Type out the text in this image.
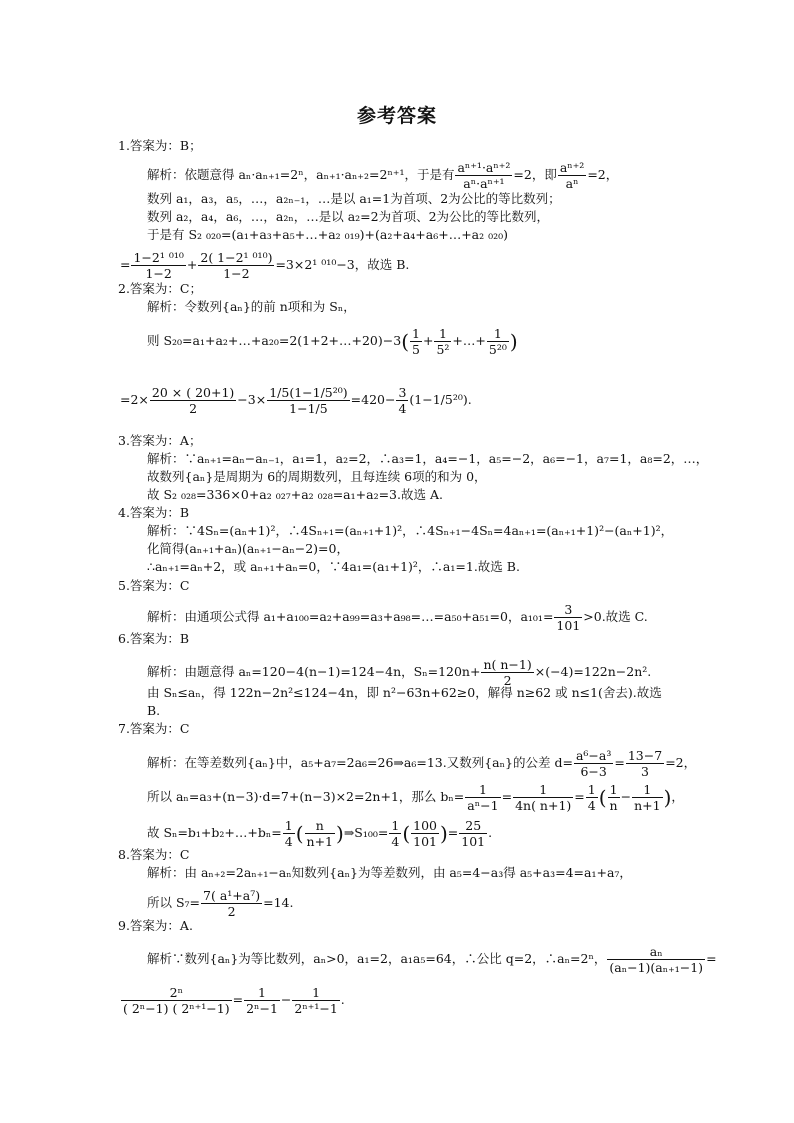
参考答案
1.答案为：B；
解析：依题意得 aₙ·aₙ₊₁=2ⁿ，aₙ₊₁·aₙ₊₂=2ⁿ⁺¹，于是有 $\frac{\text{aⁿ⁺¹·aⁿ⁺²}}{\text{aⁿ·aⁿ⁺¹}} =2$，即 $\frac{\text{aⁿ⁺²}}{\text{aⁿ}} =2$，
数列 a₁，a₃，a₅，…，a₂ₙ₋₁，…是以 a₁=1为首项、2为公比的等比数列；
数列 a₂，a₄，a₆，…，a₂ₙ，…是以 a₂=2为首项、2为公比的等比数列，
于是有 S₂ ₀₂₀=(a₁+a₃+a₅+…+a₂ ₀₁₉)+(a₂+a₄+a₆+…+a₂ ₀₂₀)
= $\frac{\text{1−2¹ ⁰¹⁰}}{1-2} + \frac{\text{2( 1−2¹ ⁰¹⁰)}}{1-2} =3\times 2^1$ ⁰¹⁰−3，故选 B.
2.答案为：C；
解析：令数列{aₙ}的前 n项和为 Sₙ，
则 S₂₀=a₁+a₂+…+a₂₀=2(1+2+…+20)−3( $\frac{1}{5} + \frac{1}{\text{5²}}$ +…+ $\frac{1}{\text{5²⁰}}$ )
$=2\times \frac{20 \times ( 20+1)}{2} -3\times \frac{\text{1/5(1−1/5²⁰)}}{1-1/5} =420- \frac{3}{4} (1-1/5^{20})$.
3.答案为：A；
解析：∵aₙ₊₁=aₙ−aₙ₋₁，a₁=1，a₂=2，∴a₃=1，a₄=−1，a₅=−2，a₆=−1，a₇=1，a₈=2，…，
故数列{aₙ}是周期为 6的周期数列，且每连续 6项的和为 0，
故 S₂ ₀₂₈=336×0+a₂ ₀₂₇+a₂ ₀₂₈=a₁+a₂=3.故选 A.
4.答案为：B
解析：∵4Sₙ=(aₙ+1)²，∴4Sₙ₊₁=(aₙ₊₁+1)²，∴4Sₙ₊₁−4Sₙ=4aₙ₊₁=(aₙ₊₁+1)²−(aₙ+1)²，
化简得(aₙ₊₁+aₙ)(aₙ₊₁−aₙ−2)=0，
∴aₙ₊₁=aₙ+2，或 aₙ₊₁+aₙ=0，∵4a₁=(a₁+1)²，∴a₁=1.故选 B.
5.答案为：C
解析：由通项公式得 a₁+a₁₀₀=a₂+a₉₉=a₃+a₉₈=…=a₅₀+a₅₁=0，$a_{101}= \frac{3}{101} >0$.故选 C.
6.答案为：B
解析：由题意得 aₙ=120−4(n−1)=124−4n，$S_n=120n+ \frac{n( n-1)}{2} \times(-4)=122n-2n^2$.
由 Sₙ≤aₙ，得 122n−2n²≤124−4n，即 n²−63n+62≥0，解得 n≥62 或 n≤1(舍去).故选
B.
7.答案为：C
解析：在等差数列{aₙ}中，a₅+a₇=2a₆=26⇒a₆=13.又数列{aₙ}的公差 $d= \frac{\text{a⁶−a³}}{6-3} = \frac{13-7}{3} =2$，
所以 aₙ=a₃+(n−3)·d=7+(n−3)×2=2n+1，那么 $b_n= \frac{1}{\text{aⁿ−1}} = \frac{1}{4n( n+1)} = \frac{1}{4}$ ( $\frac{1}{n} - \frac{1}{n+1}$ )，
故 Sₙ=b₁+b₂+…+bₙ= $\frac{1}{4}$ ( $\frac{n}{n+1}$ )⇒S₁₀₀= $\frac{1}{4}$ ( $\frac{100}{101}$ )= $\frac{25}{101}$ .
8.答案为：C
解析：由 aₙ₊₂=2aₙ₊₁−aₙ知数列{aₙ}为等差数列，由 a₅=4−a₃得 a₅+a₃=4=a₁+a₇，
所以 $S_7= \frac{\text{7( a¹+a⁷)}}{2} =14$.
9.答案为：A.
解析∵数列{aₙ}为等比数列，aₙ>0，a₁=2，a₁a₅=64，∴公比 q=2，∴aₙ=2ⁿ， $\frac{\text{aₙ}}{\text{(aₙ−1)(aₙ₊₁−1)}}$ =
$\frac{\text{2ⁿ}}{\text{( 2ⁿ−1) ( 2ⁿ⁺¹−1)}} = \frac{1}{\text{2ⁿ−1}} - \frac{1}{\text{2ⁿ⁺¹−1}}$ .
